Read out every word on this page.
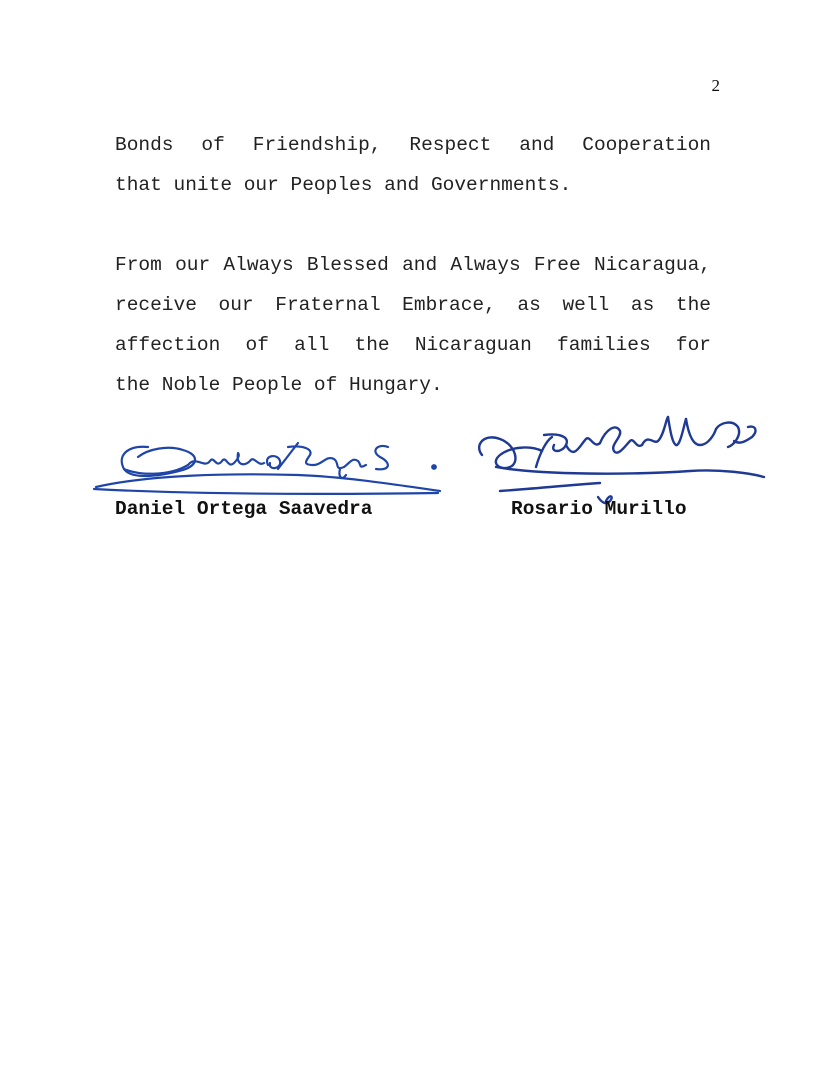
2
Bonds of Friendship, Respect and Cooperation
that unite our Peoples and Governments.
From our Always Blessed and Always Free Nicaragua,
receive our Fraternal Embrace, as well as the
affection of all the Nicaraguan families for
the Noble People of Hungary.
Daniel Ortega Saavedra	Rosario Murillo
